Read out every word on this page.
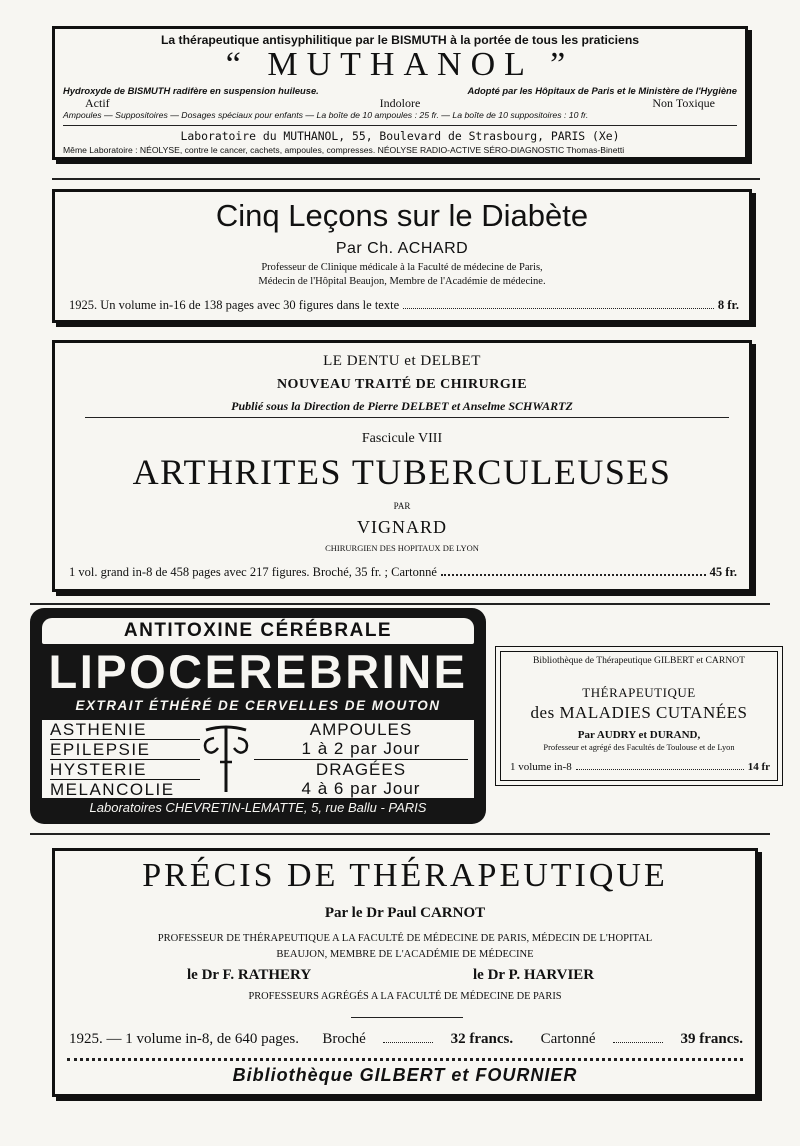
La thérapeutique antisyphilitique par le BISMUTH à la portée de tous les praticiens
“ MUTHANOL ”
Hydroxyde de BISMUTH radifère en suspension huileuse.	Adopté par les Hôpitaux de Paris et le Ministère de l'Hygiène
Actif	Indolore	Non Toxique
Ampoules — Suppositoires — Dosages spéciaux pour enfants — La boîte de 10 ampoules : 25 fr. — La boîte de 10 suppositoires : 10 fr.
Laboratoire du MUTHANOL, 55, Boulevard de Strasbourg, PARIS (Xe)
Même Laboratoire : NÉOLYSE, contre le cancer, cachets, ampoules, compresses. NÉOLYSE RADIO-ACTIVE SÉRO-DIAGNOSTIC Thomas-Binetti
Cinq Leçons sur le Diabète
Par Ch. ACHARD
Professeur de Clinique médicale à la Faculté de médecine de Paris,
Médecin de l'Hôpital Beaujon, Membre de l'Académie de médecine.
1925. Un volume in-16 de 138 pages avec 30 figures dans le texte	8 fr.
LE DENTU et DELBET
NOUVEAU TRAITÉ DE CHIRURGIE
Publié sous la Direction de Pierre DELBET et Anselme SCHWARTZ
Fascicule VIII
ARTHRITES TUBERCULEUSES
PAR
VIGNARD
CHIRURGIEN DES HOPITAUX DE LYON
1 vol. grand in-8 de 458 pages avec 217 figures. Broché, 35 fr. ; Cartonné	45 fr.
ANTITOXINE CÉRÉBRALE
LIPOCEREBRINE
EXTRAIT ÉTHÉRÉ DE CERVELLES DE MOUTON
ASTHENIE
EPILEPSIE
HYSTERIE
MELANCOLIE
AMPOULES
1 à 2 par Jour
DRAGÉES
4 à 6 par Jour
Laboratoires CHEVRETIN-LEMATTE, 5, rue Ballu - PARIS
Bibliothèque de Thérapeutique GILBERT et CARNOT
THÉRAPEUTIQUE
des MALADIES CUTANÉES
Par AUDRY et DURAND,
Professeur et agrégé des Facultés de Toulouse et de Lyon
1 volume in-8	14 fr
PRÉCIS DE THÉRAPEUTIQUE
Par le Dr Paul CARNOT
PROFESSEUR DE THÉRAPEUTIQUE A LA FACULTÉ DE MÉDECINE DE PARIS, MÉDECIN DE L'HOPITAL
BEAUJON, MEMBRE DE L'ACADÉMIE DE MÉDECINE
le Dr F. RATHERY	le Dr P. HARVIER
PROFESSEURS AGRÉGÉS A LA FACULTÉ DE MÉDECINE DE PARIS
1925. — 1 volume in-8, de 640 pages. Broché	32 francs. Cartonné	39 francs.
Bibliothèque GILBERT et FOURNIER
